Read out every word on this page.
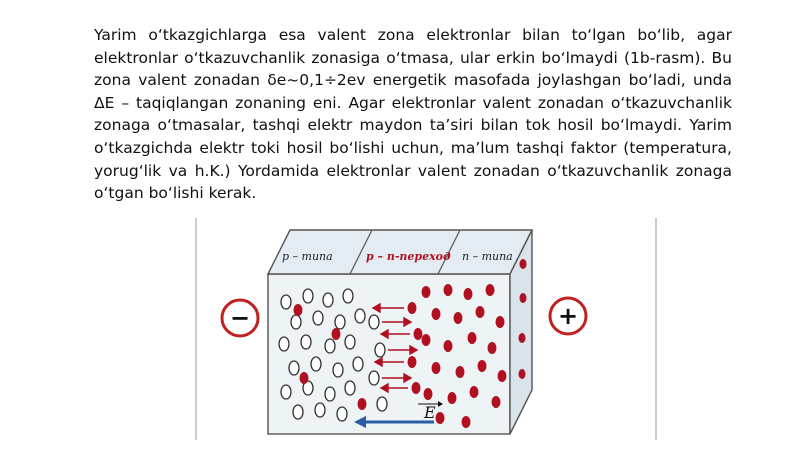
Yarim o‘tkazgichlarga esa valent zona elektronlar bilan to‘lgan bo‘lib, agar elektronlar o‘tkazuvchanlik zonasiga o‘tmasa, ular erkin bo‘lmaydi (1b-rasm). Bu zona valent zonadan δe~0,1÷2ev energetik masofada joylashgan bo‘ladi, unda ΔE – taqiqlangan zonaning eni. Agar elektronlar valent zonadan o‘tkazuvchanlik zonaga o‘tmasalar, tashqi elektr maydon ta’siri bilan tok hosil bo‘lmaydi. Yarim o‘tkazgichda elektr toki hosil bo‘lishi uchun, ma’lum tashqi faktor (temperatura, yorug‘lik va h.K.) Yordamida elektronlar valent zonadan o‘tkazuvchanlik zonaga o‘tgan bo‘lishi kerak.

p – типа	p – n-переход n – типа
−	+
E
